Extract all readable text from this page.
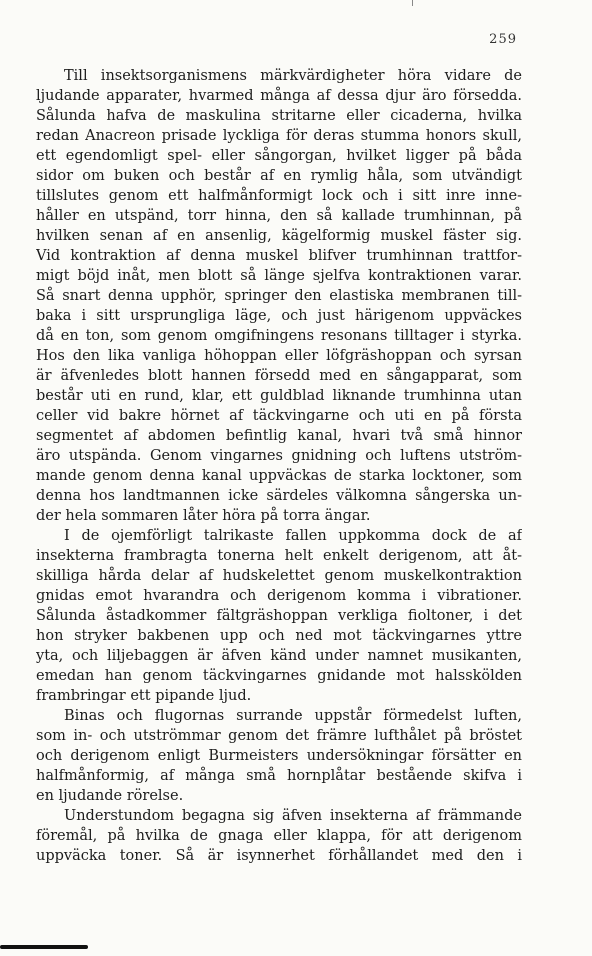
259
Till insektsorganismens märkvärdigheter höra vidare de
ljudande apparater, hvarmed många af dessa djur äro försedda.
Sålunda hafva de maskulina stritarne eller cicaderna, hvilka
redan Anacreon prisade lyckliga för deras stumma honors skull,
ett egendomligt spel- eller sångorgan, hvilket ligger på båda
sidor om buken och består af en rymlig håla, som utvändigt
tillslutes genom ett halfmånformigt lock och i sitt inre inne-
håller en utspänd, torr hinna, den så kallade trumhinnan, på
hvilken senan af en ansenlig, kägelformig muskel fäster sig.
Vid kontraktion af denna muskel blifver trumhinnan trattfor-
migt böjd inåt, men blott så länge sjelfva kontraktionen varar.
Så snart denna upphör, springer den elastiska membranen till-
baka i sitt ursprungliga läge, och just härigenom uppväckes
då en ton, som genom omgifningens resonans tilltager i styrka.
Hos den lika vanliga höhoppan eller löfgräshoppan och syrsan
är äfvenledes blott hannen försedd med en sångapparat, som
består uti en rund, klar, ett guldblad liknande trumhinna utan
celler vid bakre hörnet af täckvingarne och uti en på första
segmentet af abdomen befintlig kanal, hvari två små hinnor
äro utspända. Genom vingarnes gnidning och luftens utström-
mande genom denna kanal uppväckas de starka locktoner, som
denna hos landtmannen icke särdeles välkomna sångerska un-
der hela sommaren låter höra på torra ängar.
I de ojemförligt talrikaste fallen uppkomma dock de af
insekterna frambragta tonerna helt enkelt derigenom, att åt-
skilliga hårda delar af hudskelettet genom muskelkontraktion
gnidas emot hvarandra och derigenom komma i vibrationer.
Sålunda åstadkommer fältgräshoppan verkliga fioltoner, i det
hon stryker bakbenen upp och ned mot täckvingarnes yttre
yta, och liljebaggen är äfven känd under namnet musikanten,
emedan han genom täckvingarnes gnidande mot halsskölden
frambringar ett pipande ljud.
Binas och flugornas surrande uppstår förmedelst luften,
som in- och utströmmar genom det främre lufthålet på bröstet
och derigenom enligt Burmeisters undersökningar försätter en
halfmånformig, af många små hornplåtar bestående skifva i
en ljudande rörelse.
Understundom begagna sig äfven insekterna af främmande
föremål, på hvilka de gnaga eller klappa, för att derigenom
uppväcka toner. Så är isynnerhet förhållandet med den i
